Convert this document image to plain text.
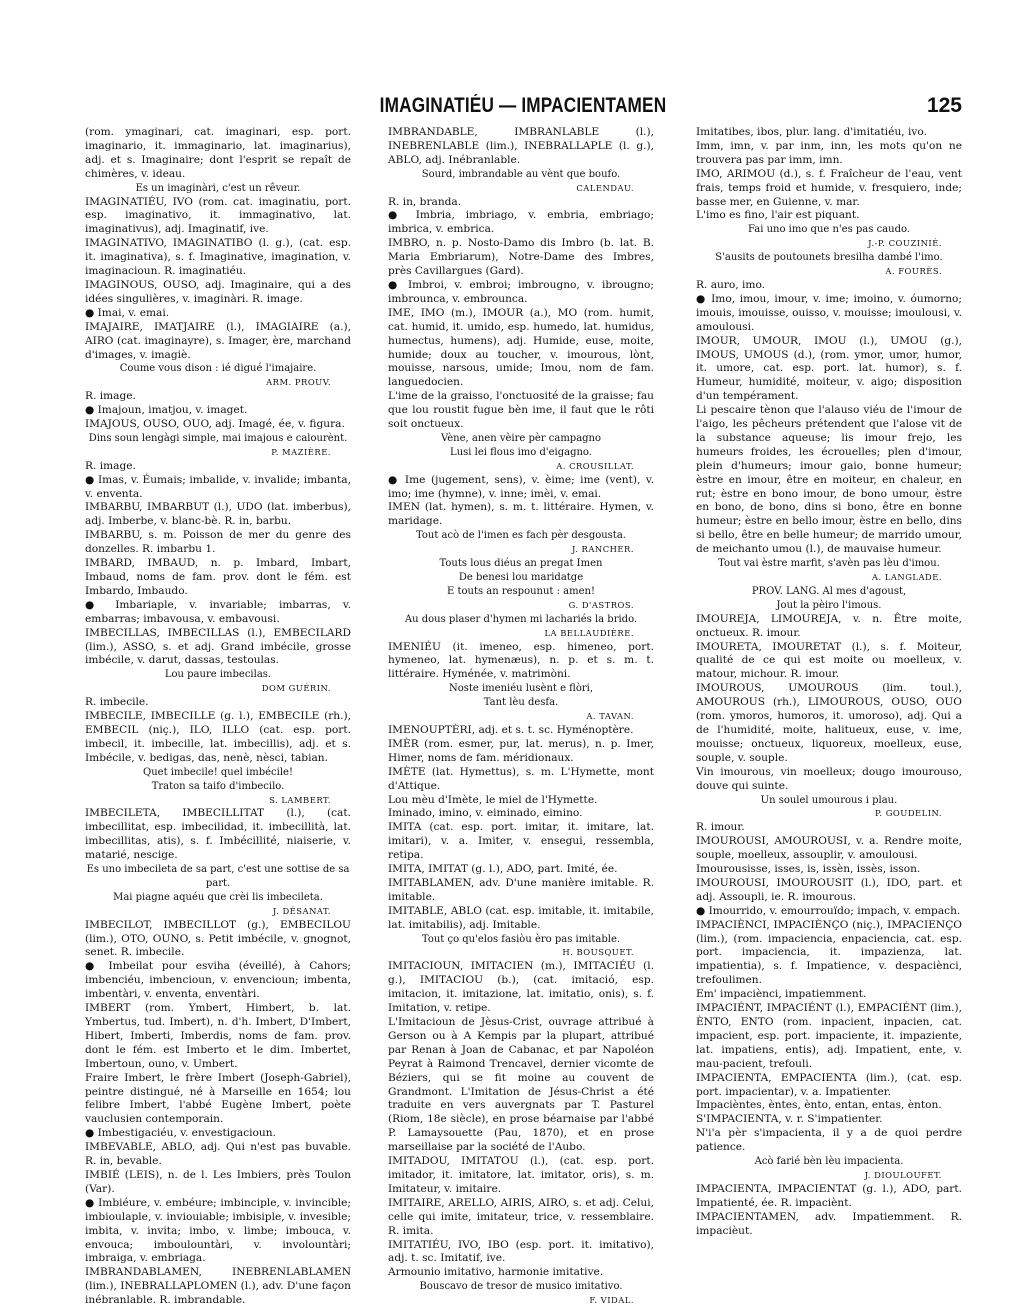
IMAGINATIÉU — IMPACIENTAMEN	125

(rom. ymaginari, cat. imaginari, esp. port. imaginario, it. immaginario, lat. imaginarius), adj. et s. Imaginaire; dont l'esprit se repaît de chimères, v. ideau.

Es un imaginàri, c'est un rêveur.

IMAGINATIÉU, IVO (rom. cat. imaginatiu, port. esp. imaginativo, it. immaginativo, lat. imaginativus), adj. Imaginatif, ive.

IMAGINATIVO, IMAGINATIBO (l. g.), (cat. esp. it. imaginativa), s. f. Imaginative, imagination, v. imaginacioun. R. imaginatiéu.

IMAGINOUS, OUSO, adj. Imaginaire, qui a des idées singulières, v. imaginàri. R. image.

● Imai, v. emai.

IMAJAIRE, IMATJAIRE (l.), IMAGIAIRE (a.), AIRO (cat. imaginayre), s. Imager, ère, marchand d'images, v. imagiè.

Coume vous dison : ié digué l'imajaire.

ARM. PROUV.

R. image.

● Imajoun, imatjou, v. imaget.

IMAJOUS, OUSO, OUO, adj. Imagé, ée, v. figura.

Dins soun lengàgi simple, mai imajous e calourènt.

P. MAZIÈRE.

R. image.

● Imas, v. Éumais; imbalide, v. invalide; imbanta, v. enventa.

IMBARBU, IMBARBUT (l.), UDO (lat. imberbus), adj. Imberbe, v. blanc-bè. R. in, barbu.

IMBARBU, s. m. Poisson de mer du genre des donzelles. R. imbarbu 1.

IMBARD, IMBAUD, n. p. Imbard, Imbart, Imbaud, noms de fam. prov. dont le fém. est Imbardo, Imbaudo.

● Imbariaple, v. invariable; imbarras, v. embarras; imbavousa, v. embavousi.

IMBECILLAS, IMBECILLAS (l.), EMBECILARD (lim.), ASSO, s. et adj. Grand imbécile, grosse imbécile, v. darut, dassas, testoulas.

Lou paure imbecilas.

DOM GUÉRIN.

R. imbecile.

IMBECILE, IMBECILLE (g. l.), EMBECILE (rh.), EMBECIL (niç.), ILO, ILLO (cat. esp. port. imbecil, it. imbecille, lat. imbecillis), adj. et s. Imbécile, v. bedigas, das, nenè, nèsci, tabian.

Quet imbecile! quel imbécile!

Traton sa taifo d'imbecilo.

S. LAMBERT.

IMBECILETA, IMBECILLITAT (l.), (cat. imbecillitat, esp. imbecilidad, it. imbecillità, lat. imbecillitas, atis), s. f. Imbécillité, niaiserie, v. matarié, nescige.

Es uno imbecileta de sa part, c'est une sottise de sa part.

Mai piagne aquéu que crèi lis imbecileta.

J. DÉSANAT.

IMBECILOT, IMBECILLOT (g.), EMBECILOU (lim.), OTO, OUNO, s. Petit imbécile, v. gnognot, senet. R. imbecile.

● Imbeilat pour esviha (éveillé), à Cahors; imbenciéu, imbencioun, v. envencioun; imbenta, imbentàri, v. enventa, enventàri.

IMBERT (rom. Ymbert, Himbert, b. lat. Ymbertus, tud. Imbert), n. d'h. Imbert, D'Imbert, Hibert, Imberti, Imberdis, noms de fam. prov. dont le fém. est Imberto et le dim. Imbertet, Imbertoun, ouno, v. Umbert.

Fraire Imbert, le frère Imbert (Joseph-Gabriel), peintre distingué, né à Marseille en 1654; lou felibre Imbert, l'abbé Eugène Imbert, poète vauclusien contemporain.

● Imbestigaciéu, v. envestigacioun.

IMBEVABLE, ABLO, adj. Qui n'est pas buvable. R. in, bevable.

IMBIÉ (LEIS), n. de l. Les Imbiers, près Toulon (Var).

● Imbiéure, v. embéure; imbinciple, v. invincible; imbioulaple, v. inviouiable; imbisiple, v. invesible; imbita, v. invita; imbo, v. limbe; imbouca, v. envouca; imboulountàri, v. involountàri; imbraiga, v. embriaga.

IMBRANDABLAMEN, INEBRENLABLAMEN (lim.), INEBRALLAPLOMEN (l.), adv. D'une façon inébranlable. R. imbrandable.

IMBRANDABLE, IMBRANLABLE (l.), INEBRENLABLE (lim.), INEBRALLAPLE (l. g.), ABLO, adj. Inébranlable.

Sourd, imbrandable au vènt que boufo.

CALENDAU.

R. in, branda.

● Imbria, imbriago, v. embria, embriago; imbrica, v. embrica.

IMBRO, n. p. Nosto-Damo dis Imbro (b. lat. B. Maria Embriarum), Notre-Dame des Imbres, près Cavillargues (Gard).

● Imbroi, v. embroi; imbrougno, v. ibrougno; imbrounca, v. embrounca.

IME, IMO (m.), IMOUR (a.), MO (rom. humit, cat. humid, it. umido, esp. humedo, lat. humidus, humectus, humens), adj. Humide, euse, moite, humide; doux au toucher, v. imourous, lònt, mouisse, narsous, umide; Imou, nom de fam. languedocien.

L'ime de la graisso, l'onctuosité de la graisse; fau que lou roustit fugue bèn ime, il faut que le rôti soit onctueux.

Vène, anen vèire pèr campagno

Lusi lei flous imo d'eigagno.

A. CROUSILLAT.

● Ime (jugement, sens), v. èime; ime (vent), v. imo; ime (hymne), v. inne; imèi, v. emai.

IMEN (lat. hymen), s. m. t. littéraire. Hymen, v. maridage.

Tout acò de l'imen es fach pèr desgousta.

J. RANCHER.

Touts lous diéus an pregat Imen

De benesi lou maridatge

E touts an respounut : amen!

G. D'ASTROS.

Au dous plaser d'hymen mi lachariés la brido.

LA BELLAUDIÈRE.

IMENIÉU (it. imeneo, esp. himeneo, port. hymeneo, lat. hymenæus), n. p. et s. m. t. littéraire. Hyménée, v. matrimòni.

Noste imeniéu lusènt e flòri,

Tant lèu desfa.

A. TAVAN.

IMENOUPTÈRI, adj. et s. t. sc. Hyménoptère.

IMÈR (rom. esmer, pur, lat. merus), n. p. Imer, Himer, noms de fam. méridionaux.

IMÈTE (lat. Hymettus), s. m. L'Hymette, mont d'Attique.

Lou mèu d'Imète, le miel de l'Hymette.

Iminado, imino, v. eiminado, eimino.

IMITA (cat. esp. port. imitar, it. imitare, lat. imitari), v. a. Imiter, v. ensegui, ressembla, retipa.

IMITA, IMITAT (g. l.), ADO, part. Imité, ée.

IMITABLAMEN, adv. D'une manière imitable. R. imitable.

IMITABLE, ABLO (cat. esp. imitable, it. imitabile, lat. imitabilis), adj. Imitable.

Tout ço qu'elos fasiòu èro pas imitable.

H. BOUSQUET.

IMITACIOUN, IMITACIEN (m.), IMITACIÉU (l. g.), IMITACIOU (b.), (cat. imitació, esp. imitacion, it. imitazione, lat. imitatio, onis), s. f. Imitation, v. retipe.

L'Imitacioun de Jèsus-Crist, ouvrage attribué à Gerson ou à A Kempis par la plupart, attribué par Renan à Joan de Cabanac, et par Napoléon Peyrat à Raimond Trencavel, dernier vicomte de Béziers, qui se fit moine au couvent de Grandmont. L'Imitation de Jésus-Christ a été traduite en vers auvergnats par T. Pasturel (Riom, 18e siècle), en prose béarnaise par l'abbé P. Lamaysouette (Pau, 1870), et en prose marseillaise par la société de l'Aubo.

IMITADOU, IMITATOU (l.), (cat. esp. port. imitador, it. imitatore, lat. imitator, oris), s. m. Imitateur, v. imitaire.

IMITAIRE, ARELLO, AIRIS, AIRO, s. et adj. Celui, celle qui imite, imitateur, trice, v. ressemblaire. R. imita.

IMITATIÉU, IVO, IBO (esp. port. it. imitativo), adj. t. sc. Imitatif, ive.

Armounio imitativo, harmonie imitative.

Bouscavo de tresor de musico imitativo.

F. VIDAL.

Imitatibes, ibos, plur. lang. d'imitatiéu, ivo.

Imm, imn, v. par inm, inn, les mots qu'on ne trouvera pas par imm, imn.

IMO, ARIMOU (d.), s. f. Fraîcheur de l'eau, vent frais, temps froid et humide, v. fresquiero, inde; basse mer, en Guienne, v. mar.

L'imo es fino, l'air est piquant.

Fai uno imo que n'es pas caudo.

J.-P. COUZINIÉ.

S'ausits de poutounets bresilha dambé l'imo.

A. FOURÈS.

R. auro, imo.

● Imo, imou, imour, v. ime; imoino, v. óumorno; imouis, imouisse, ouisso, v. mouisse; imoulousi, v. amoulousi.

IMOUR, UMOUR, IMOU (l.), UMOU (g.), IMOUS, UMOUS (d.), (rom. ymor, umor, humor, it. umore, cat. esp. port. lat. humor), s. f. Humeur, humidité, moiteur, v. aigo; disposition d'un tempérament.

Li pescaire tènon que l'alauso viéu de l'imour de l'aigo, les pêcheurs prétendent que l'alose vit de la substance aqueuse; lis imour frejo, les humeurs froides, les écrouelles; plen d'imour, plein d'humeurs; imour gaio, bonne humeur; èstre en imour, être en moiteur, en chaleur, en rut; èstre en bono imour, de bono umour, èstre en bono, de bono, dins si bono, être en bonne humeur; èstre en bello imour, èstre en bello, dins si bello, être en belle humeur; de marrido umour, de meichanto umou (l.), de mauvaise humeur.

Tout vai èstre marfit, s'avèn pas lèu d'imou.

A. LANGLADE.

PROV. LANG. Al mes d'agoust,

Jout la pèiro l'imous.

IMOUREJA, LIMOUREJA, v. n. Être moite, onctueux. R. imour.

IMOURETA, IMOURETAT (l.), s. f. Moiteur, qualité de ce qui est moite ou moelleux, v. matour, michour. R. imour.

IMOUROUS, UMOUROUS (lim. toul.), AMOUROUS (rh.), LIMOUROUS, OUSO, OUO (rom. ymoros, humoros, it. umoroso), adj. Qui a de l'humidité, moite, halitueux, euse, v. ime, mouisse; onctueux, liquoreux, moelleux, euse, souple, v. souple.

Vin imourous, vin moelleux; dougo imourouso, douve qui suinte.

Un soulel umourous i plau.

P. GOUDELIN.

R. imour.

IMOUROUSI, AMOUROUSI, v. a. Rendre moite, souple, moelleux, assouplir, v. amoulousi.

Imourousisse, isses, is, issèn, issès, isson.

IMOUROUSI, IMOUROUSIT (l.), IDO, part. et adj. Assoupli, ie. R. imourous.

● Imourrido, v. emourrouïdo; impach, v. empach.

IMPACIÈNCI, IMPACIÈNÇO (niç.), IMPACIENÇO (lim.), (rom. impaciencia, enpaciencia, cat. esp. port. impaciencia, it. impazienza, lat. impatientia), s. f. Impatience, v. despaciènci, trefoulimen.

Em' impaciènci, impatiemment.

IMPACIÉNT, IMPACIÉNT (l.), EMPACIÉNT (lim.), ÈNTO, ENTO (rom. inpacient, inpacien, cat. impacient, esp. port. impaciente, it. impaziente, lat. impatiens, entis), adj. Impatient, ente, v. mau-pacient, trefouli.

IMPACIENTA, EMPACIENTA (lim.), (cat. esp. port. impacientar), v. a. Impatienter.

Impacièntes, èntes, ènto, entan, entas, ènton.

S'IMPACIENTA, v. r. S'impatienter.

N'i'a pèr s'impacienta, il y a de quoi perdre patience.

Acò farié bèn lèu impacienta.

J. DIOULOUFET.

IMPACIENTA, IMPACIENTAT (g. l.), ADO, part. Impatienté, ée. R. impaciènt.

IMPACIENTAMEN, adv. Impatiemment. R. impacièut.
